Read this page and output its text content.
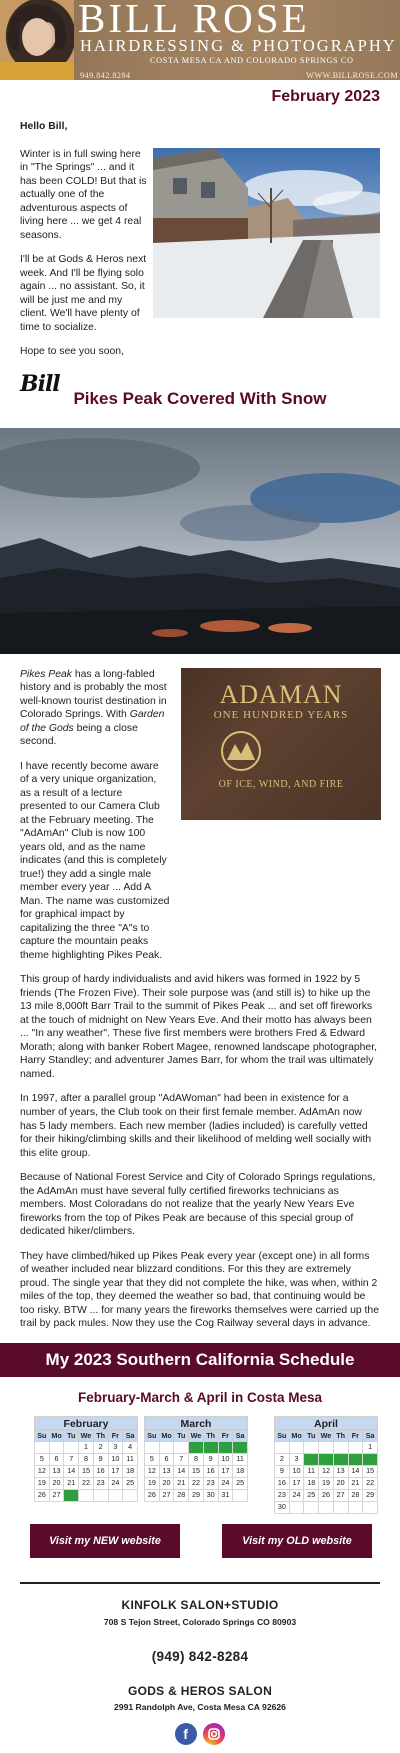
BILL ROSE
HAIRDRESSING & PHOTOGRAPHY
COSTA MESA CA AND COLORADO SPRINGS CO
949.842.8284	WWW.BILLROSE.COM
February 2023
Hello Bill,

Winter is in full swing here in "The Springs" ... and it has been COLD! But that is actually one of the adventurous aspects of living here ... we get 4 real seasons.

I'll be at Gods & Heros next week. And I'll be flying solo again ... no assistant. So, it will be just me and my client. We'll have plenty of time to socialize.

Hope to see you soon,

Bill
Pikes Peak Covered With Snow
ADAMAN
ONE HUNDRED YEARS
OF ICE, WIND, AND FIRE

Pikes Peak has a long-fabled history and is probably the most well-known tourist destination in Colorado Springs. With Garden of the Gods being a close second.

I have recently become aware of a very unique organization, as a result of a lecture presented to our Camera Club at the February meeting. The "AdAmAn" Club is now 100 years old, and as the name indicates (and this is completely true!) they add a single male member every year ... Add A Man. The name was customized for graphical impact by capitalizing the three "A"s to capture the mountain peaks theme highlighting Pikes Peak.

This group of hardy individualists and avid hikers was formed in 1922 by 5 friends (The Frozen Five). Their sole purpose was (and still is) to hike up the 13 mile 8,000ft Barr Trail to the summit of Pikes Peak ... and set off fireworks at the touch of midnight on New Years Eve. And their motto has always been ... "In any weather". These five first members were brothers Fred & Edward Morath; along with banker Robert Magee, renowned landscape photographer, Harry Standley; and adventurer James Barr, for whom the trail was ultimately named.

In 1997, after a parallel group "AdAWoman" had been in existence for a number of years, the Club took on their first female member. AdAmAn now has 5 lady members. Each new member (ladies included) is carefully vetted for their hiking/climbing skills and their likelihood of melding well socially with this elite group.

Because of National Forest Service and City of Colorado Springs regulations, the AdAmAn must have several fully certified fireworks technicians as members. Most Coloradans do not realize that the yearly New Years Eve fireworks from the top of Pikes Peak are because of this special group of dedicated hiker/climbers.

They have climbed/hiked up Pikes Peak every year (except one) in all forms of weather included near blizzard conditions. For this they are extremely proud. The single year that they did not complete the hike, was when, within 2 miles of the top, they deemed the weather so bad, that continuing would be too risky. BTW ... for many years the fireworks themselves were carried up the trail by pack mules. Now they use the Cog Railway several days in advance.

My 2023 Southern California Schedule
February-March & April in Costa Mesa
February
Su	Mo	Tu	We	Th	Fr	Sa
			1	2	3	4
5	6	7	8	9	10	11
12	13	14	15	16	17	18
19	20	21	22	23	24	25
26	27	28				
March
Su	Mo	Tu	We	Th	Fr	Sa
			1	2	3	4
5	6	7	8	9	10	11
12	13	14	15	16	17	18
19	20	21	22	23	24	25
26	27	28	29	30	31	
April
Su	Mo	Tu	We	Th	Fr	Sa
						1
2	3	4	5	6	7	8
9	10	11	12	13	14	15
16	17	18	19	20	21	22
23	24	25	26	27	28	29
30						
Visit my NEW website	Visit my OLD website
KINFOLK SALON+STUDIO
708 S Tejon Street, Colorado Springs CO 80903
(949) 842-8284
GODS & HEROS SALON
2991 Randolph Ave, Costa Mesa CA 92626
f
